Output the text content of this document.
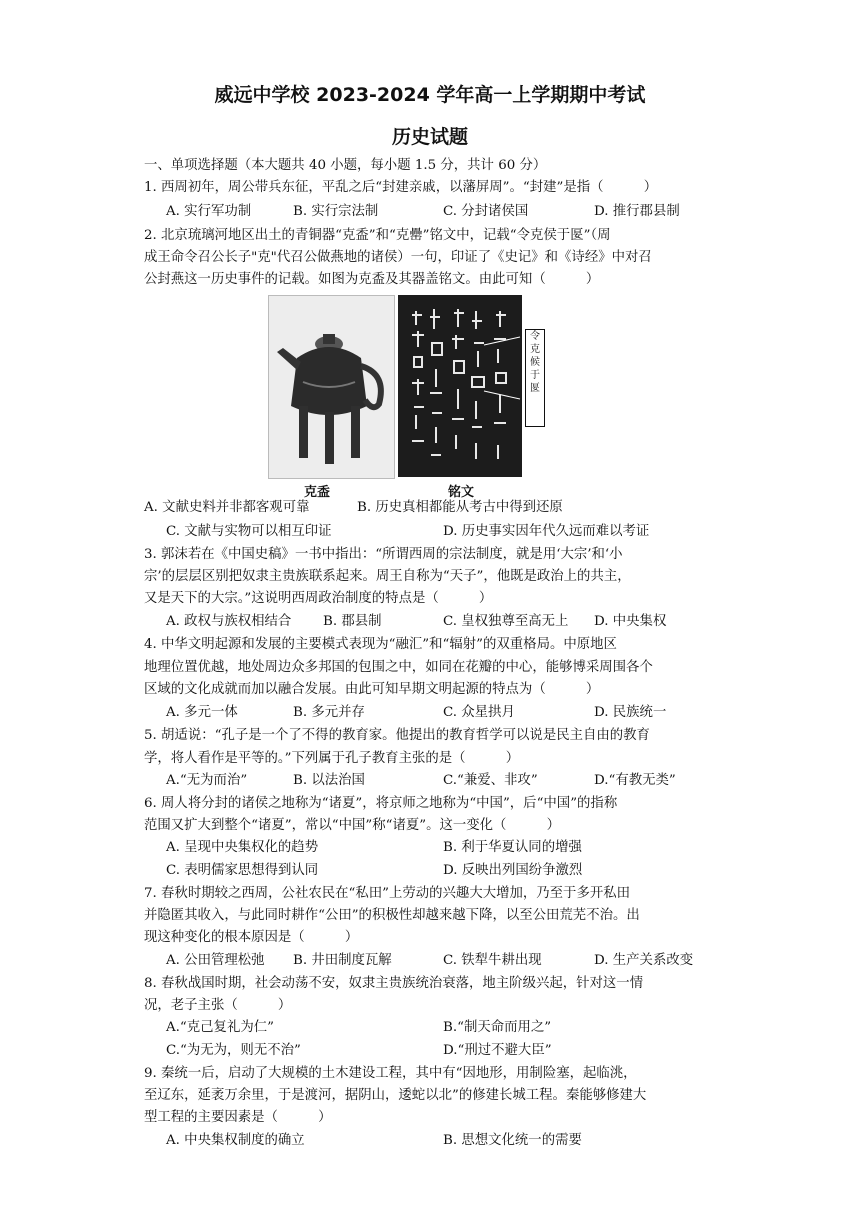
威远中学校 2023-2024 学年高一上学期期中考试
历史试题
一、单项选择题（本大题共 40 小题，每小题 1.5 分，共计 60 分）
1. 西周初年，周公带兵东征，平乱之后“封建亲戚，以藩屏周”。“封建”是指（　　　）
A. 实行军功制	B. 实行宗法制	C. 分封诸侯国	D. 推行郡县制
2. 北京琉璃河地区出土的青铜器“克盉”和“克罍”铭文中，记载“令克侯于匽”（周
成王命令召公长子"克"代召公做燕地的诸侯）一句，印证了《史记》和《诗经》中对召
公封燕这一历史事件的记载。如图为克盉及其器盖铭文。由此可知（　　　）
克盉	铭文
令
克
候
于
匽
A. 文献史料并非都客观可靠	B. 历史真相都能从考古中得到还原
C. 文献与实物可以相互印证	D. 历史事实因年代久远而难以考证
3. 郭沫若在《中国史稿》一书中指出：“所谓西周的宗法制度，就是用‘大宗’和‘小
宗’的层层区别把奴隶主贵族联系起来。周王自称为“天子”，他既是政治上的共主，
又是天下的大宗。”这说明西周政治制度的特点是（　　　）
A. 政权与族权相结合 B. 郡县制	C. 皇权独尊至高无上 D. 中央集权
4. 中华文明起源和发展的主要模式表现为“融汇”和“辐射”的双重格局。中原地区
地理位置优越，地处周边众多邦国的包围之中，如同在花瓣的中心，能够博采周围各个
区域的文化成就而加以融合发展。由此可知早期文明起源的特点为（　　　）
A. 多元一体	B. 多元并存	C. 众星拱月	D. 民族统一
5. 胡适说：“孔子是一个了不得的教育家。他提出的教育哲学可以说是民主自由的教育
学，将人看作是平等的。”下列属于孔子教育主张的是（　　　）
A.“无为而治”	B. 以法治国	C.“兼爱、非攻”	D.“有教无类”
6. 周人将分封的诸侯之地称为“诸夏”，将京师之地称为“中国”，后“中国”的指称
范围又扩大到整个“诸夏”，常以“中国”称“诸夏”。这一变化（　　　）
A. 呈现中央集权化的趋势	B. 利于华夏认同的增强
C. 表明儒家思想得到认同	D. 反映出列国纷争激烈
7. 春秋时期较之西周，公社农民在“私田”上劳动的兴趣大大增加，乃至于多开私田
并隐匿其收入，与此同时耕作“公田”的积极性却越来越下降，以至公田荒芜不治。出
现这种变化的根本原因是（　　　）
A. 公田管理松弛 B. 井田制度瓦解	C. 铁犁牛耕出现	D. 生产关系改变
8. 春秋战国时期，社会动荡不安，奴隶主贵族统治衰落，地主阶级兴起，针对这一情
况，老子主张（　　　）
A.“克己复礼为仁”	B.“制天命而用之”
C.“为无为，则无不治”	D.“刑过不避大臣”
9. 秦统一后，启动了大规模的土木建设工程，其中有“因地形，用制险塞，起临洮，
至辽东，延袤万余里，于是渡河，据阴山，逶蛇以北”的修建长城工程。秦能够修建大
型工程的主要因素是（　　　）
A. 中央集权制度的确立	B. 思想文化统一的需要
